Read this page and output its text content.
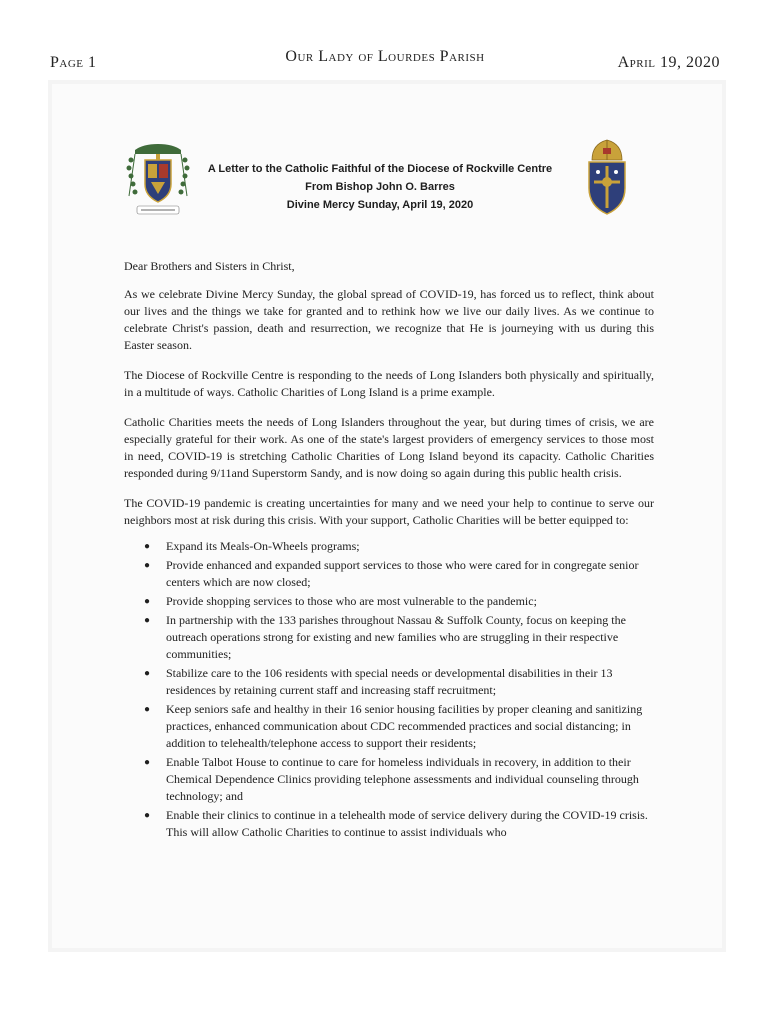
Page 1	Our Lady of Lourdes Parish	April 19, 2020
A Letter to the Catholic Faithful of the Diocese of Rockville Centre
From Bishop John O. Barres
Divine Mercy Sunday, April 19, 2020

Dear Brothers and Sisters in Christ,

As we celebrate Divine Mercy Sunday, the global spread of COVID-19, has forced us to reflect, think about our lives and the things we take for granted and to rethink how we live our daily lives. As we continue to celebrate Christ's passion, death and resurrection, we recognize that He is journeying with us during this Easter season.

The Diocese of Rockville Centre is responding to the needs of Long Islanders both physically and spiritually, in a multitude of ways. Catholic Charities of Long Island is a prime example.

Catholic Charities meets the needs of Long Islanders throughout the year, but during times of crisis, we are especially grateful for their work. As one of the state's largest providers of emergency services to those most in need, COVID-19 is stretching Catholic Charities of Long Island beyond its capacity. Catholic Charities responded during 9/11and Superstorm Sandy, and is now doing so again during this public health crisis.

The COVID-19 pandemic is creating uncertainties for many and we need your help to continue to serve our neighbors most at risk during this crisis. With your support, Catholic Charities will be better equipped to:

●	Expand its Meals-On-Wheels programs;
●	Provide enhanced and expanded support services to those who were cared for in congregate senior centers which are now closed;
●	Provide shopping services to those who are most vulnerable to the pandemic;
●	In partnership with the 133 parishes throughout Nassau & Suffolk County, focus on keeping the outreach operations strong for existing and new families who are struggling in their respective communities;
●	Stabilize care to the 106 residents with special needs or developmental disabilities in their 13 residences by retaining current staff and increasing staff recruitment;
●	Keep seniors safe and healthy in their 16 senior housing facilities by proper cleaning and sanitizing practices, enhanced communication about CDC recommended practices and social distancing; in addition to telehealth/telephone access to support their residents;
●	Enable Talbot House to continue to care for homeless individuals in recovery, in addition to their Chemical Dependence Clinics providing telephone assessments and individual counseling through technology; and
●	Enable their clinics to continue in a telehealth mode of service delivery during the COVID-19 crisis. This will allow Catholic Charities to continue to assist individuals who
